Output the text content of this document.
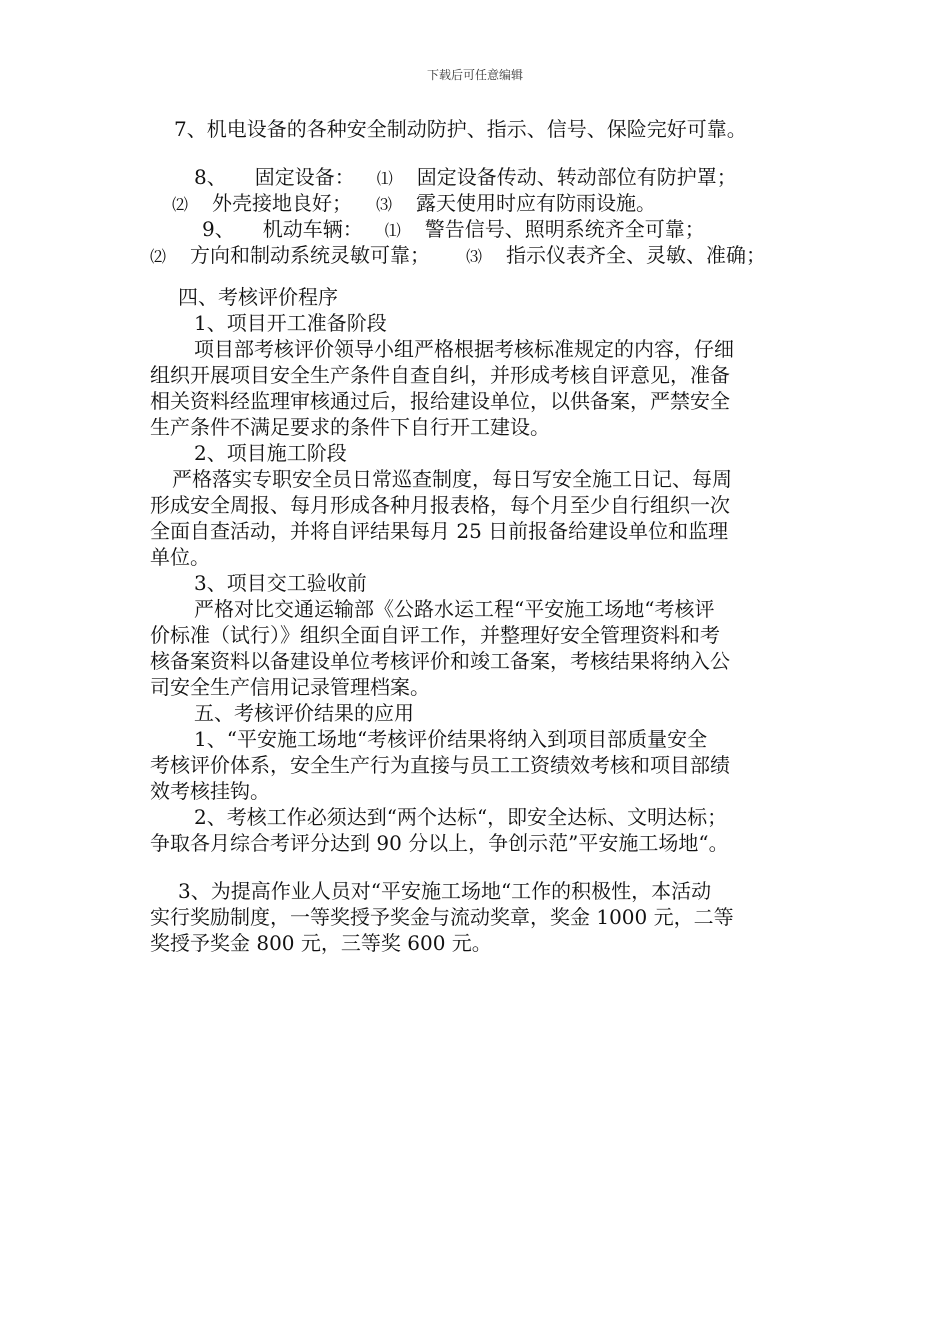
下载后可任意编辑
7、机电设备的各种安全制动防护、指示、信号、保险完好可靠。
8、 固定设备： ⑴ 固定设备传动、转动部位有防护罩；
⑵ 外壳接地良好； ⑶ 露天使用时应有防雨设施。
9、 机动车辆： ⑴ 警告信号、照明系统齐全可靠；
⑵ 方向和制动系统灵敏可靠； ⑶ 指示仪表齐全、灵敏、准确；
四、考核评价程序
1、项目开工准备阶段
项目部考核评价领导小组严格根据考核标准规定的内容，仔细
组织开展项目安全生产条件自查自纠，并形成考核自评意见，准备
相关资料经监理审核通过后，报给建设单位，以供备案，严禁安全
生产条件不满足要求的条件下自行开工建设。
2、项目施工阶段
严格落实专职安全员日常巡查制度，每日写安全施工日记、每周
形成安全周报、每月形成各种月报表格，每个月至少自行组织一次
全面自查活动，并将自评结果每月 25 日前报备给建设单位和监理
单位。
3、项目交工验收前
严格对比交通运输部《公路水运工程“平安施工场地“考核评
价标准（试行）》组织全面自评工作，并整理好安全管理资料和考
核备案资料以备建设单位考核评价和竣工备案，考核结果将纳入公
司安全生产信用记录管理档案。
五、考核评价结果的应用
1、“平安施工场地“考核评价结果将纳入到项目部质量安全
考核评价体系，安全生产行为直接与员工工资绩效考核和项目部绩
效考核挂钩。
2、考核工作必须达到“两个达标“，即安全达标、文明达标；
争取各月综合考评分达到 90 分以上，争创示范”平安施工场地“。
3、为提高作业人员对“平安施工场地“工作的积极性，本活动
实行奖励制度，一等奖授予奖金与流动奖章，奖金 1000 元，二等
奖授予奖金 800 元，三等奖 600 元。
